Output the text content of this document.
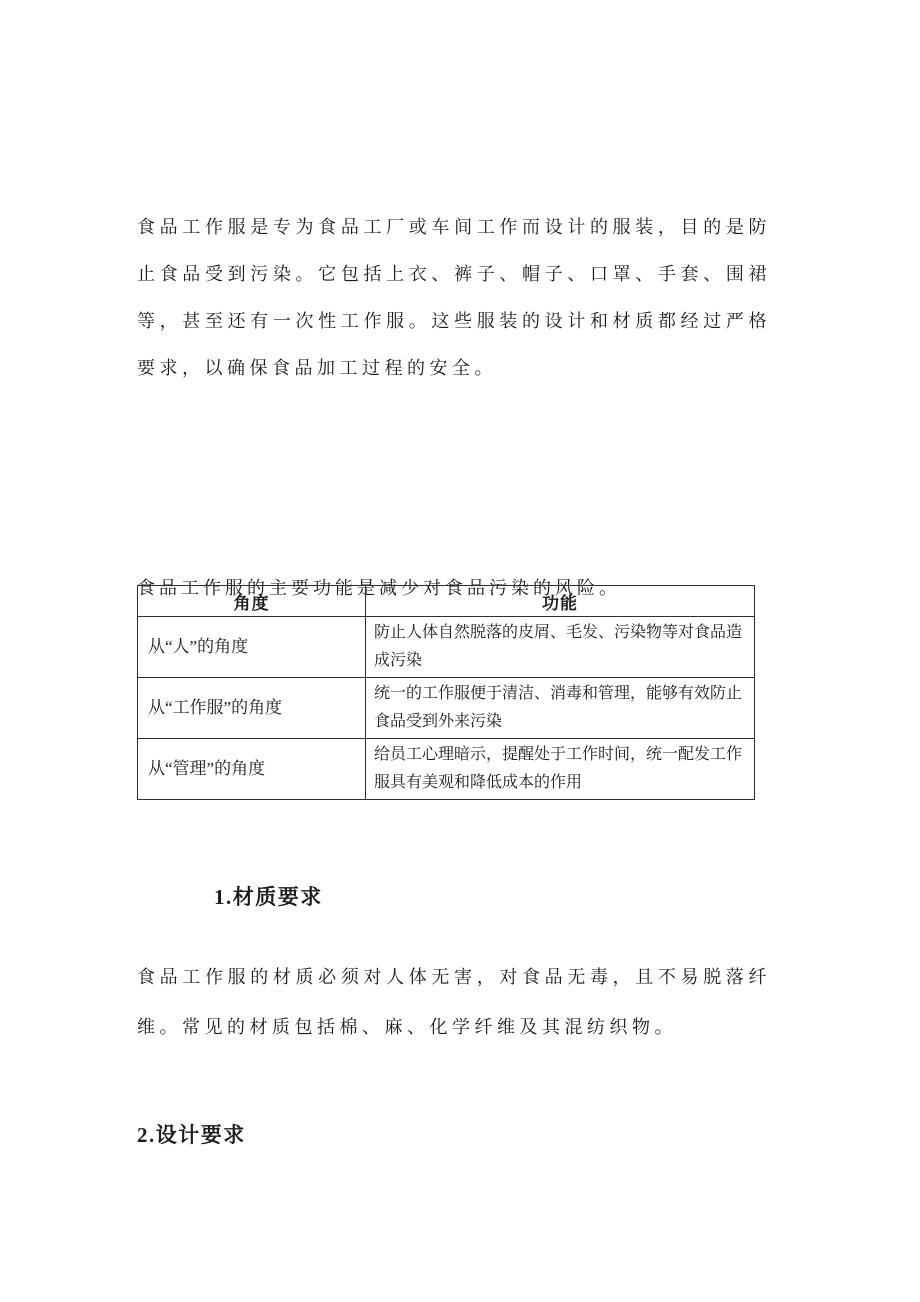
食品工作服是专为食品工厂或车间工作而设计的服装，目的是防止食品受到污染。它包括上衣、裤子、帽子、口罩、手套、围裙等，甚至还有一次性工作服。这些服装的设计和材质都经过严格要求，以确保食品加工过程的安全。

食品工作服的主要功能是减少对食品污染的风险。

角度	功能
从“人”的角度	防止人体自然脱落的皮屑、毛发、污染物等对食品造成污染
从“工作服”的角度	统一的工作服便于清洁、消毒和管理，能够有效防止食品受到外来污染
从“管理”的角度	给员工心理暗示，提醒处于工作时间，统一配发工作服具有美观和降低成本的作用
1.材质要求

食品工作服的材质必须对人体无害，对食品无毒，且不易脱落纤维。常见的材质包括棉、麻、化学纤维及其混纺织物。

2.设计要求
